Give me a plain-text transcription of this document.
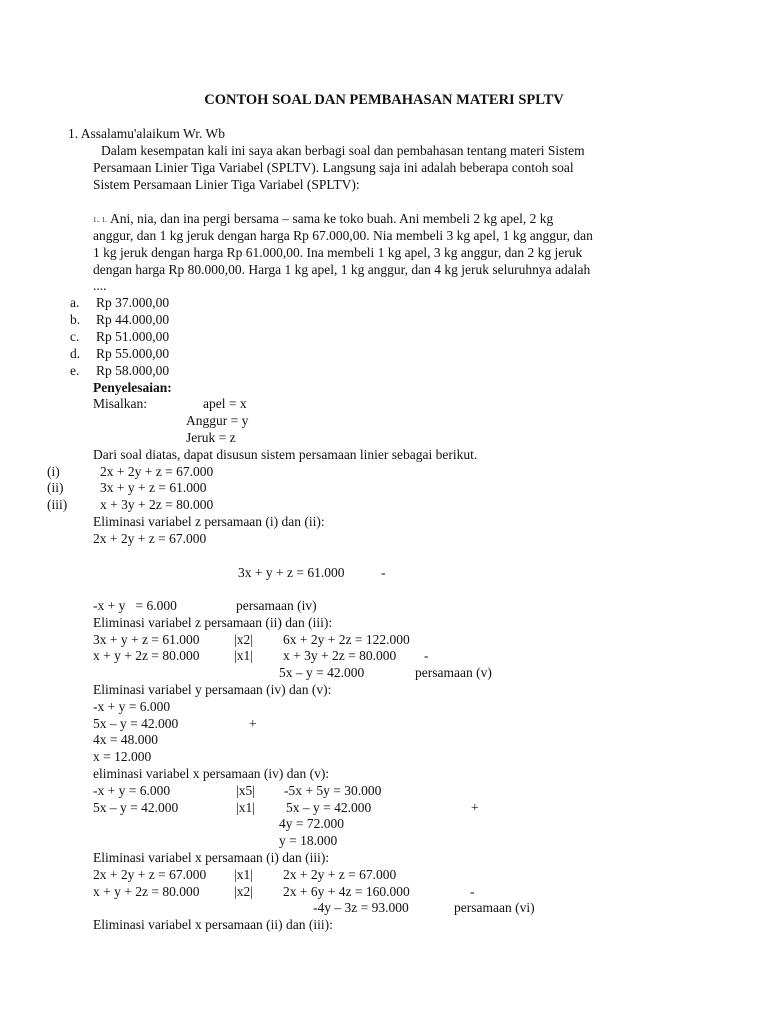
CONTOH SOAL DAN PEMBAHASAN MATERI SPLTV
1. Assalamu'alaikum Wr. Wb
Dalam kesempatan kali ini saya akan berbagi soal dan pembahasan tentang materi Sistem
Persamaan Linier Tiga Variabel (SPLTV). Langsung saja ini adalah beberapa contoh soal
Sistem Persamaan Linier Tiga Variabel (SPLTV):
1.. 1. Ani, nia, dan ina pergi bersama – sama ke toko buah. Ani membeli 2 kg apel, 2 kg
anggur, dan 1 kg jeruk dengan harga Rp 67.000,00. Nia membeli 3 kg apel, 1 kg anggur, dan
1 kg jeruk dengan harga Rp 61.000,00. Ina membeli 1 kg apel, 3 kg anggur, dan 2 kg jeruk
dengan harga Rp 80.000,00. Harga 1 kg apel, 1 kg anggur, dan 4 kg jeruk seluruhnya adalah
....
a. Rp 37.000,00
b. Rp 44.000,00
c. Rp 51.000,00
d. Rp 55.000,00
e. Rp 58.000,00
Penyelesaian:
Misalkan:	apel = x
Anggur = y
Jeruk = z
Dari soal diatas, dapat disusun sistem persamaan linier sebagai berikut.
(i)	2x + 2y + z = 67.000
(ii)	3x + y + z = 61.000
(iii) x + 3y + 2z = 80.000
Eliminasi variabel z persamaan (i) dan (ii):
2x + 2y + z = 67.000
3x + y + z = 61.000	-
-x + y   = 6.000	persamaan (iv)
Eliminasi variabel z persamaan (ii) dan (iii):
3x + y + z = 61.000	|x2| 6x + 2y + 2z = 122.000
x + y + 2z = 80.000	|x1| x + 3y + 2z = 80.000 -
5x – y = 42.000	persamaan (v)
Eliminasi variabel y persamaan (iv) dan (v):
-x + y = 6.000
5x – y = 42.000	+
4x = 48.000
x = 12.000
eliminasi variabel x persamaan (iv) dan (v):
-x + y = 6.000	|x5| -5x + 5y = 30.000
5x – y = 42.000	|x1| 5x – y = 42.000	+
4y = 72.000
y = 18.000
Eliminasi variabel x persamaan (i) dan (iii):
2x + 2y + z = 67.000 |x1| 2x + 2y + z = 67.000
x + y + 2z = 80.000	|x2| 2x + 6y + 4z = 160.000	-
-4y – 3z = 93.000	persamaan (vi)
Eliminasi variabel x persamaan (ii) dan (iii):
